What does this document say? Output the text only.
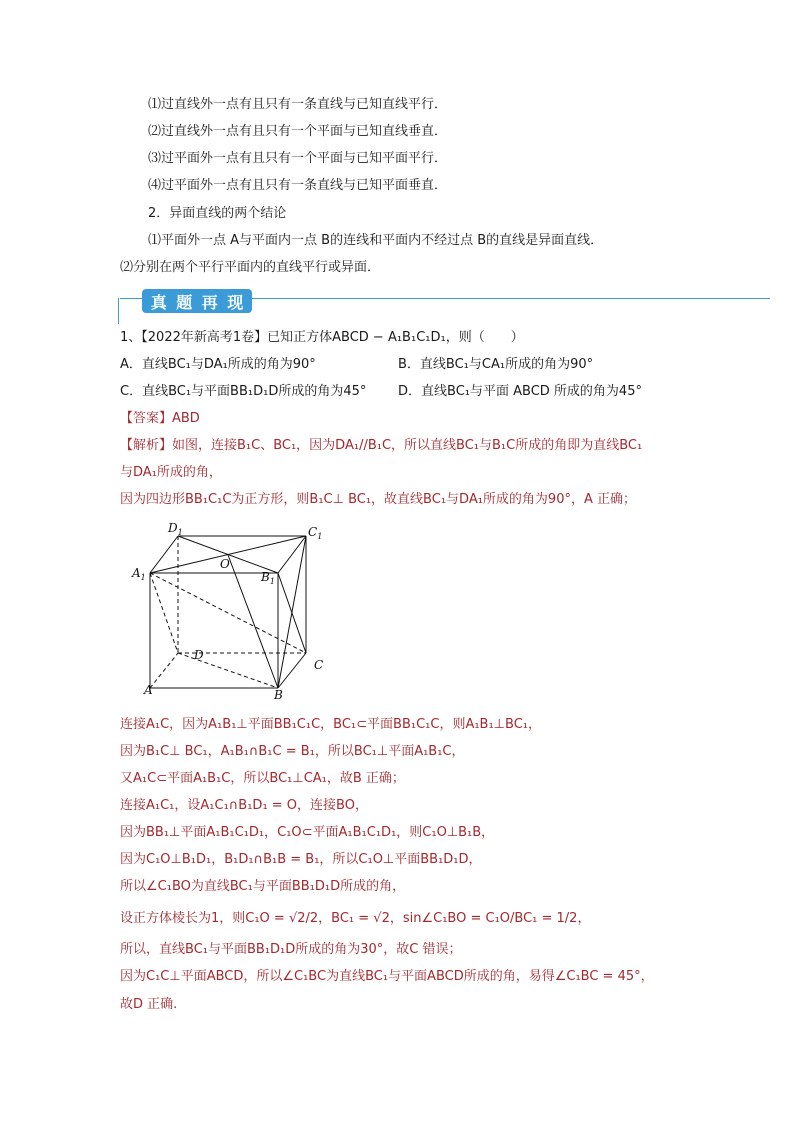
⑴过直线外一点有且只有一条直线与已知直线平行．
⑵过直线外一点有且只有一个平面与已知直线垂直．
⑶过平面外一点有且只有一个平面与已知平面平行．
⑷过平面外一点有且只有一条直线与已知平面垂直．
2．异面直线的两个结论
⑴平面外一点 A与平面内一点 B的连线和平面内不经过点 B的直线是异面直线．
⑵分别在两个平行平面内的直线平行或异面．
真 题 再 现
1、【2022年新高考1卷】已知正方体ABCD − A₁B₁C₁D₁，则（　　）
A．直线BC₁与DA₁所成的角为90°	B．直线BC₁与CA₁所成的角为90°
C．直线BC₁与平面BB₁D₁D所成的角为45° D．直线BC₁与平面 ABCD 所成的角为45°
【答案】ABD
【解析】如图，连接B₁C、BC₁，因为DA₁//B₁C，所以直线BC₁与B₁C所成的角即为直线BC₁
与DA₁所成的角，
因为四边形BB₁C₁C为正方形，则B₁C⊥ BC₁，故直线BC₁与DA₁所成的角为90°，A 正确；
$D_1$	$C_1$
$A_1$	$B_1$
O
D
C
A	B
连接A₁C，因为A₁B₁⊥平面BB₁C₁C，BC₁⊂平面BB₁C₁C，则A₁B₁⊥BC₁，
因为B₁C⊥ BC₁，A₁B₁∩B₁C = B₁，所以BC₁⊥平面A₁B₁C，
又A₁C⊂平面A₁B₁C，所以BC₁⊥CA₁，故B 正确；
连接A₁C₁，设A₁C₁∩B₁D₁ = O，连接BO，
因为BB₁⊥平面A₁B₁C₁D₁，C₁O⊂平面A₁B₁C₁D₁，则C₁O⊥B₁B，
因为C₁O⊥B₁D₁，B₁D₁∩B₁B = B₁，所以C₁O⊥平面BB₁D₁D，
所以∠C₁BO为直线BC₁与平面BB₁D₁D所成的角，
设正方体棱长为1，则C₁O = √2/2，BC₁ = √2，sin∠C₁BO = C₁O/BC₁ = 1/2，
所以，直线BC₁与平面BB₁D₁D所成的角为30°，故C 错误；
因为C₁C⊥平面ABCD，所以∠C₁BC为直线BC₁与平面ABCD所成的角，易得∠C₁BC = 45°，
故D 正确.
